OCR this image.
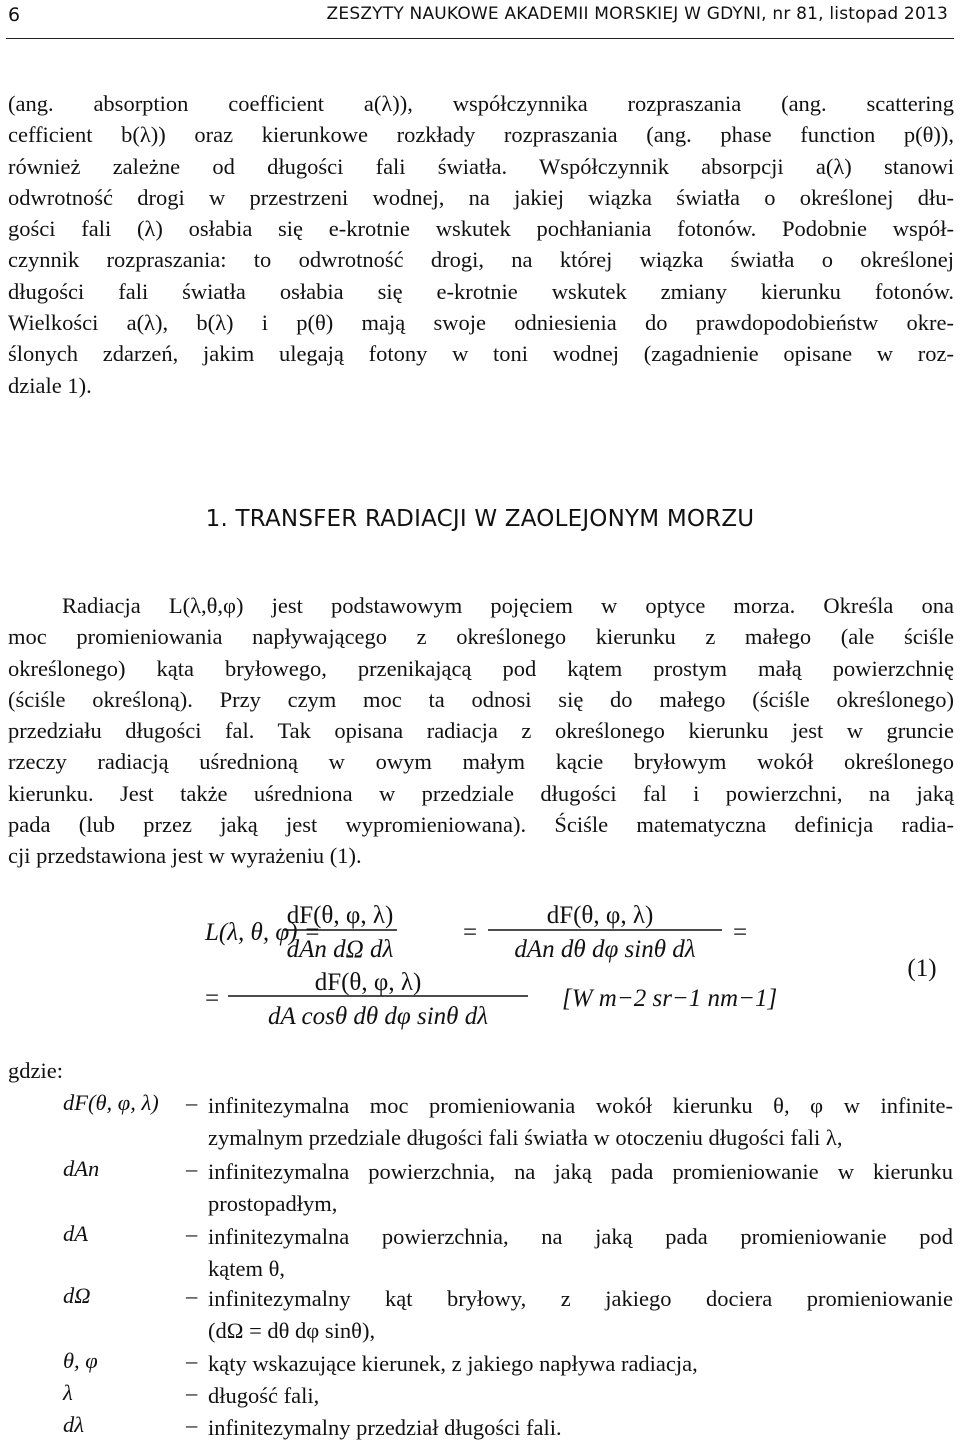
6	ZESZYTY NAUKOWE AKADEMII MORSKIEJ W GDYNI, nr 81, listopad 2013
(ang. absorption coefficient a(λ)), współczynnika rozpraszania (ang. scattering
cefficient b(λ)) oraz kierunkowe rozkłady rozpraszania (ang. phase function p(θ)),
również zależne od długości fali światła. Współczynnik absorpcji a(λ) stanowi
odwrotność drogi w przestrzeni wodnej, na jakiej wiązka światła o określonej dłu-
gości fali (λ) osłabia się e-krotnie wskutek pochłaniania fotonów. Podobnie współ-
czynnik rozpraszania: to odwrotność drogi, na której wiązka światła o określonej
długości fali światła osłabia się e-krotnie wskutek zmiany kierunku fotonów.
Wielkości a(λ), b(λ) i p(θ) mają swoje odniesienia do prawdopodobieństw okre-
ślonych zdarzeń, jakim ulegają fotony w toni wodnej (zagadnienie opisane w roz-
dziale 1).
1. TRANSFER RADIACJI W ZAOLEJONYM MORZU
Radiacja L(λ,θ,φ) jest podstawowym pojęciem w optyce morza. Określa ona
moc promieniowania napływającego z określonego kierunku z małego (ale ściśle
określonego) kąta bryłowego, przenikającą pod kątem prostym małą powierzchnię
(ściśle określoną). Przy czym moc ta odnosi się do małego (ściśle określonego)
przedziału długości fal. Tak opisana radiacja z określonego kierunku jest w gruncie
rzeczy radiacją uśrednioną w owym małym kącie bryłowym wokół określonego
kierunku. Jest także uśredniona w przedziale długości fal i powierzchni, na jaką
pada (lub przez jaką jest wypromieniowana). Ściśle matematyczna definicja radia-
cji przedstawiona jest w wyrażeniu (1).
L(λ, θ, φ) =
dF(θ, φ, λ)
dAn dΩ dλ
=
dF(θ, φ, λ)
dAn dθ dφ sinθ dλ
=
=
dF(θ, φ, λ)
dA cosθ dθ dφ sinθ dλ
[W m−2 sr−1 nm−1]
(1)
gdzie:
dF(θ, φ, λ) – infinitezymalna moc promieniowania wokół kierunku θ, φ w infinite-
zymalnym przedziale długości fali światła w otoczeniu długości fali λ,
dAn	– infinitezymalna powierzchnia, na jaką pada promieniowanie w kierunku
prostopadłym,
dA	– infinitezymalna powierzchnia, na jaką pada promieniowanie pod
kątem θ,
dΩ	– infinitezymalny kąt bryłowy, z jakiego dociera promieniowanie
(dΩ = dθ dφ sinθ),
θ, φ	– kąty wskazujące kierunek, z jakiego napływa radiacja,
λ	– długość fali,
dλ	– infinitezymalny przedział długości fali.
